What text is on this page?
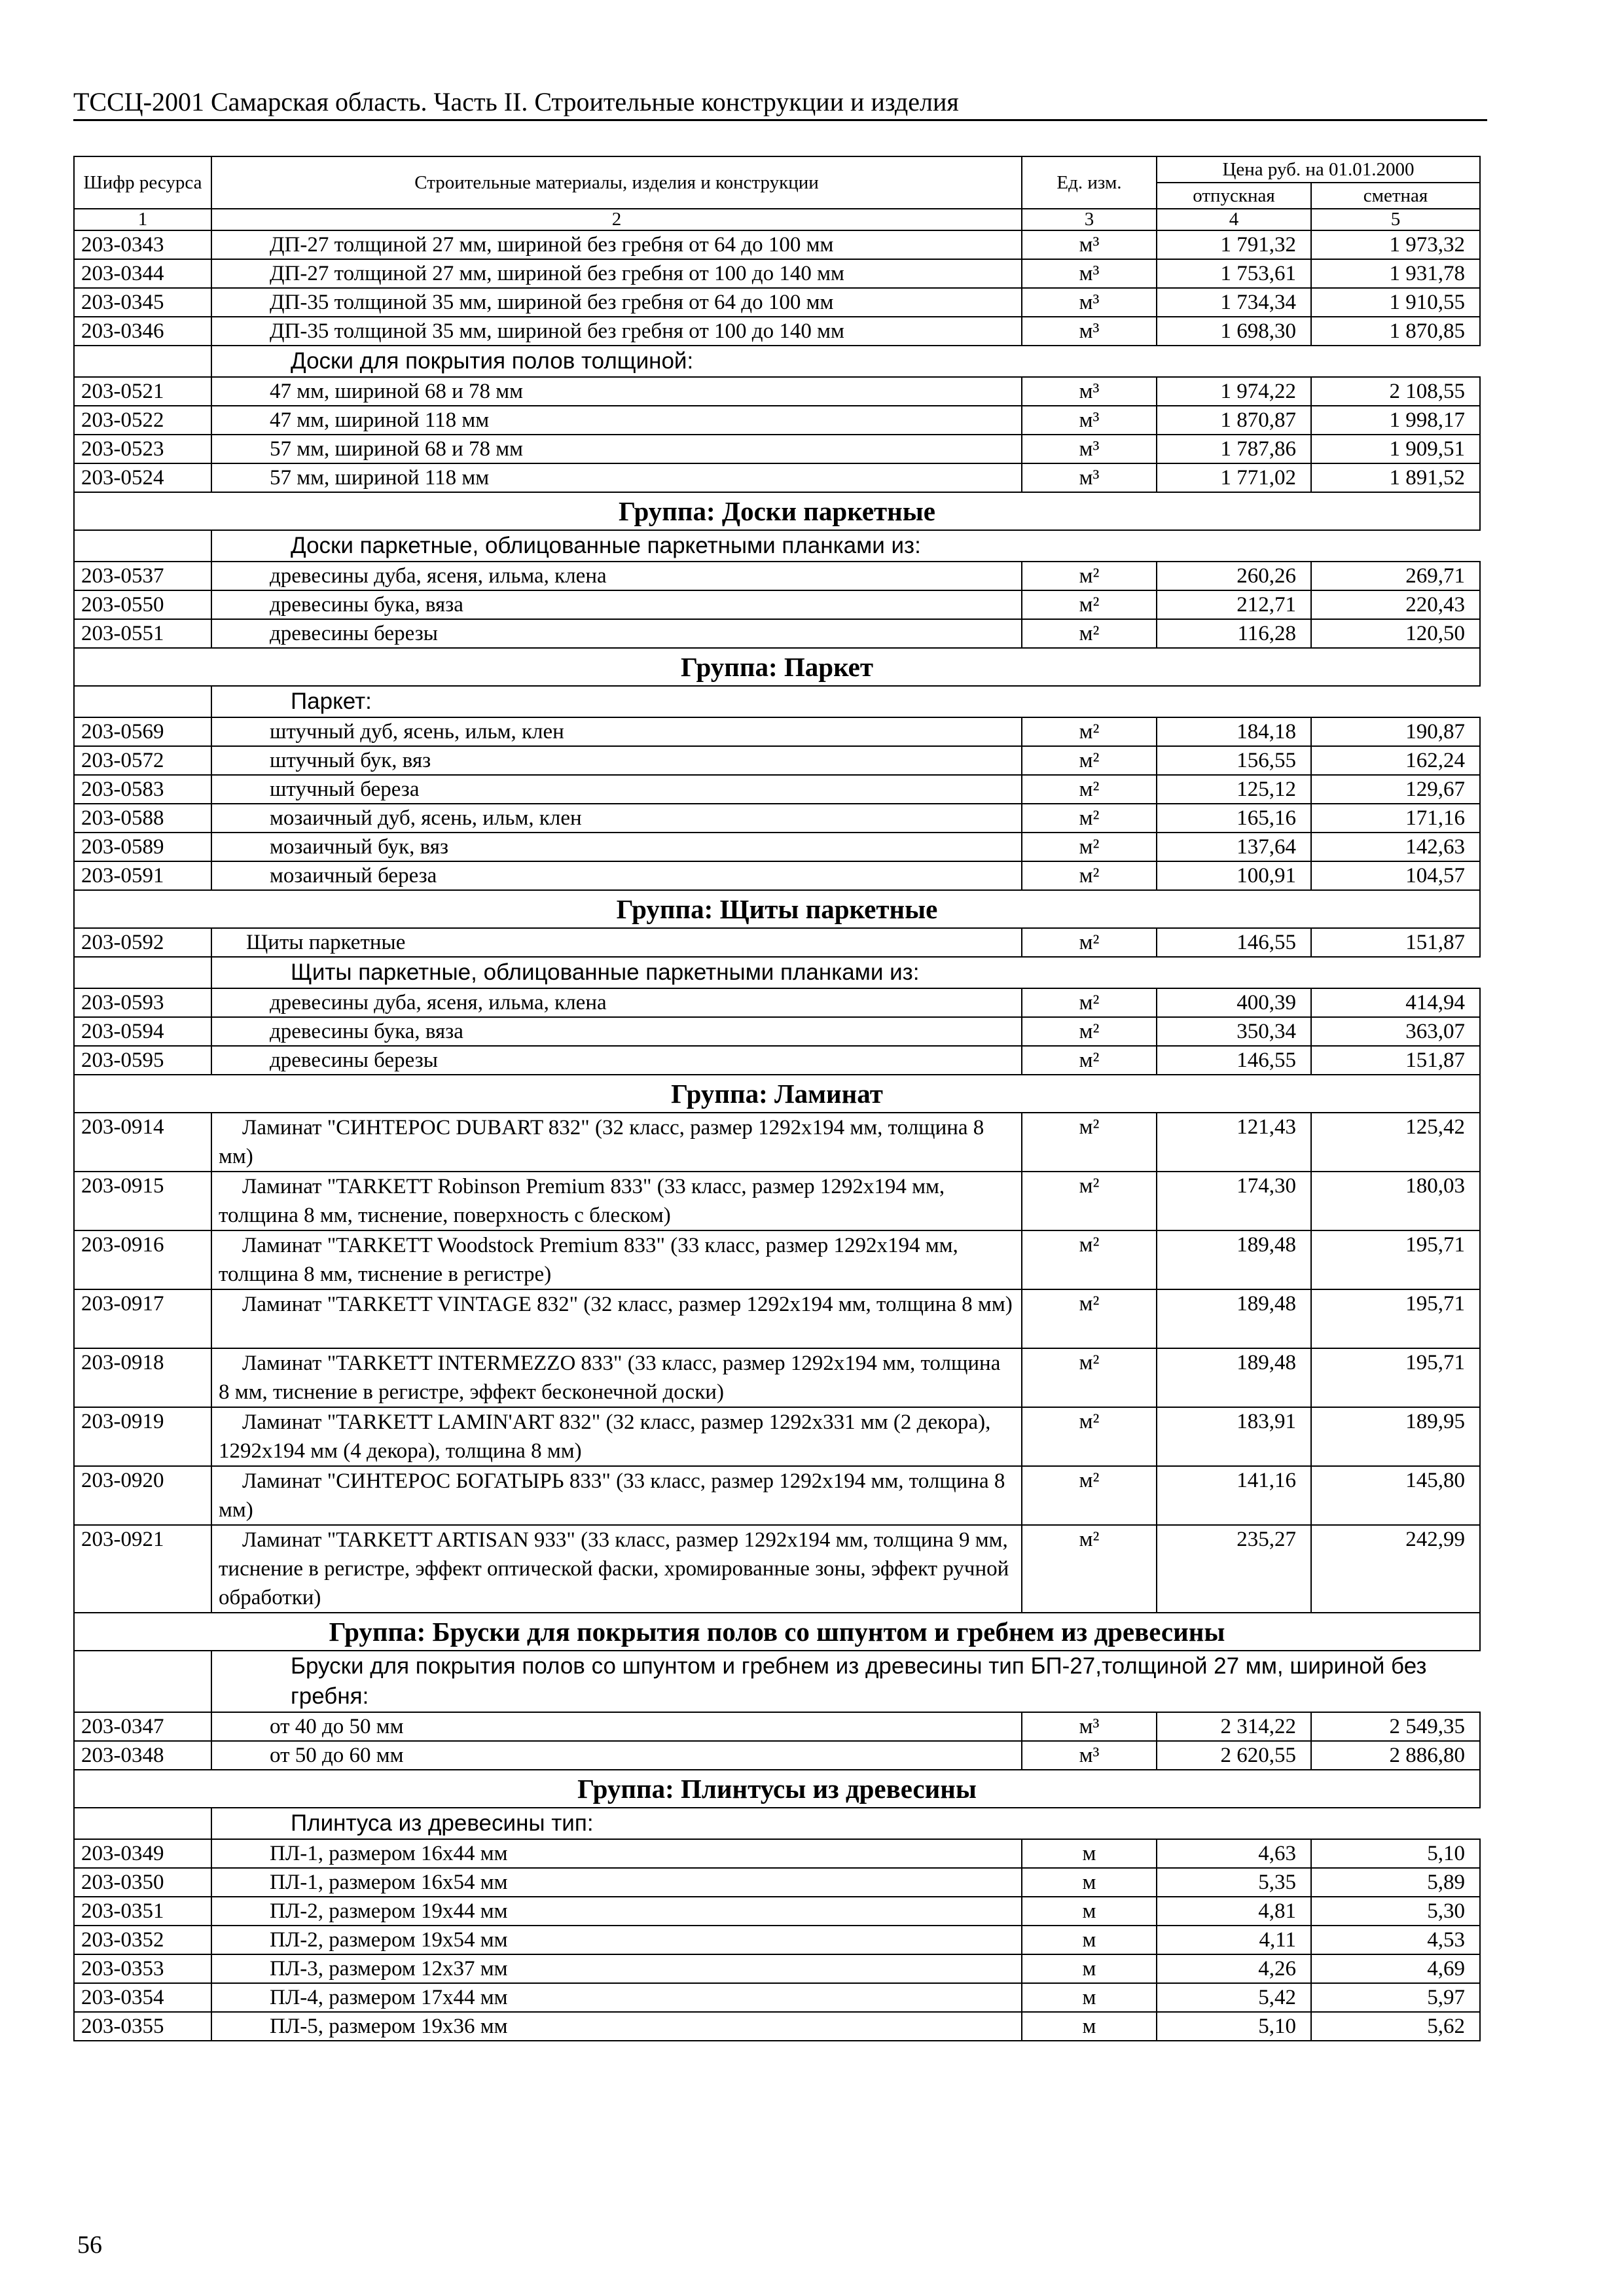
ТССЦ-2001 Самарская область. Часть II. Строительные конструкции и изделия
Шифр ресурса	Строительные материалы, изделия и конструкции	Ед. изм.	Цена руб. на 01.01.2000	
			отпускная	сметная
1	2	3	4	5
203-0343	ДП-27 толщиной 27 мм, шириной без гребня от 64 до 100 мм	м³	1 791,32	1 973,32
203-0344	ДП-27 толщиной 27 мм, шириной без гребня от 100 до 140 мм	м³	1 753,61	1 931,78
203-0345	ДП-35 толщиной 35 мм, шириной без гребня от 64 до 100 мм	м³	1 734,34	1 910,55
203-0346	ДП-35 толщиной 35 мм, шириной без гребня от 100 до 140 мм	м³	1 698,30	1 870,85
	Доски для покрытия полов толщиной:			
203-0521	47 мм, шириной 68 и 78 мм	м³	1 974,22	2 108,55
203-0522	47 мм, шириной 118 мм	м³	1 870,87	1 998,17
203-0523	57 мм, шириной 68 и 78 мм	м³	1 787,86	1 909,51
203-0524	57 мм, шириной 118 мм	м³	1 771,02	1 891,52
Группа: Доски паркетные				
	Доски паркетные, облицованные паркетными планками из:			
203-0537	древесины дуба, ясеня, ильма, клена	м²	260,26	269,71
203-0550	древесины бука, вяза	м²	212,71	220,43
203-0551	древесины березы	м²	116,28	120,50
Группа: Паркет				
	Паркет:			
203-0569	штучный дуб, ясень, ильм, клен	м²	184,18	190,87
203-0572	штучный бук, вяз	м²	156,55	162,24
203-0583	штучный береза	м²	125,12	129,67
203-0588	мозаичный дуб, ясень, ильм, клен	м²	165,16	171,16
203-0589	мозаичный бук, вяз	м²	137,64	142,63
203-0591	мозаичный береза	м²	100,91	104,57
Группа: Щиты паркетные				
203-0592	Щиты паркетные	м²	146,55	151,87
	Щиты паркетные, облицованные паркетными планками из:			
203-0593	древесины дуба, ясеня, ильма, клена	м²	400,39	414,94
203-0594	древесины бука, вяза	м²	350,34	363,07
203-0595	древесины березы	м²	146,55	151,87
Группа: Ламинат				
203-0914	Ламинат "СИНТЕРОС DUBART 832" (32 класс, размер 1292х194 мм, толщина 8 мм)	м²	121,43	125,42
203-0915	Ламинат "TARKETT Robinson Premium 833" (33 класс, размер 1292х194 мм, толщина 8 мм, тиснение, поверхность с блеском)	м²	174,30	180,03
203-0916	Ламинат "TARKETT Woodstock Premium 833" (33 класс, размер 1292х194 мм, толщина 8 мм, тиснение в регистре)	м²	189,48	195,71
203-0917	Ламинат "TARKETT VINTAGE 832" (32 класс, размер 1292х194 мм, толщина 8 мм)	м²	189,48	195,71
203-0918	Ламинат "TARKETT INTERMEZZO 833" (33 класс, размер 1292х194 мм, толщина 8 мм, тиснение в регистре, эффект бесконечной доски)	м²	189,48	195,71
203-0919	Ламинат "TARKETT LAMIN'ART 832" (32 класс, размер 1292х331 мм (2 декора), 1292х194 мм (4 декора), толщина 8 мм)	м²	183,91	189,95
203-0920	Ламинат "СИНТЕРОС БОГАТЫРЬ 833" (33 класс, размер 1292х194 мм, толщина 8 мм)	м²	141,16	145,80
203-0921	Ламинат "TARKETT ARTISAN 933" (33 класс, размер 1292х194 мм, толщина 9 мм, тиснение в регистре, эффект оптической фаски, хромированные зоны, эффект ручной обработки)	м²	235,27	242,99
Группа: Бруски для покрытия полов со шпунтом и гребнем из древесины				
	Бруски для покрытия полов со шпунтом и гребнем из древесины тип БП-27,толщиной 27 мм, шириной без гребня:			
203-0347	от 40 до 50 мм	м³	2 314,22	2 549,35
203-0348	от 50 до 60 мм	м³	2 620,55	2 886,80
Группа: Плинтусы из древесины				
	Плинтуса из древесины тип:			
203-0349	ПЛ-1, размером 16х44 мм	м	4,63	5,10
203-0350	ПЛ-1, размером 16х54 мм	м	5,35	5,89
203-0351	ПЛ-2, размером 19х44 мм	м	4,81	5,30
203-0352	ПЛ-2, размером 19х54 мм	м	4,11	4,53
203-0353	ПЛ-3, размером 12х37 мм	м	4,26	4,69
203-0354	ПЛ-4, размером 17х44 мм	м	5,42	5,97
203-0355	ПЛ-5, размером 19х36 мм	м	5,10	5,62
56
